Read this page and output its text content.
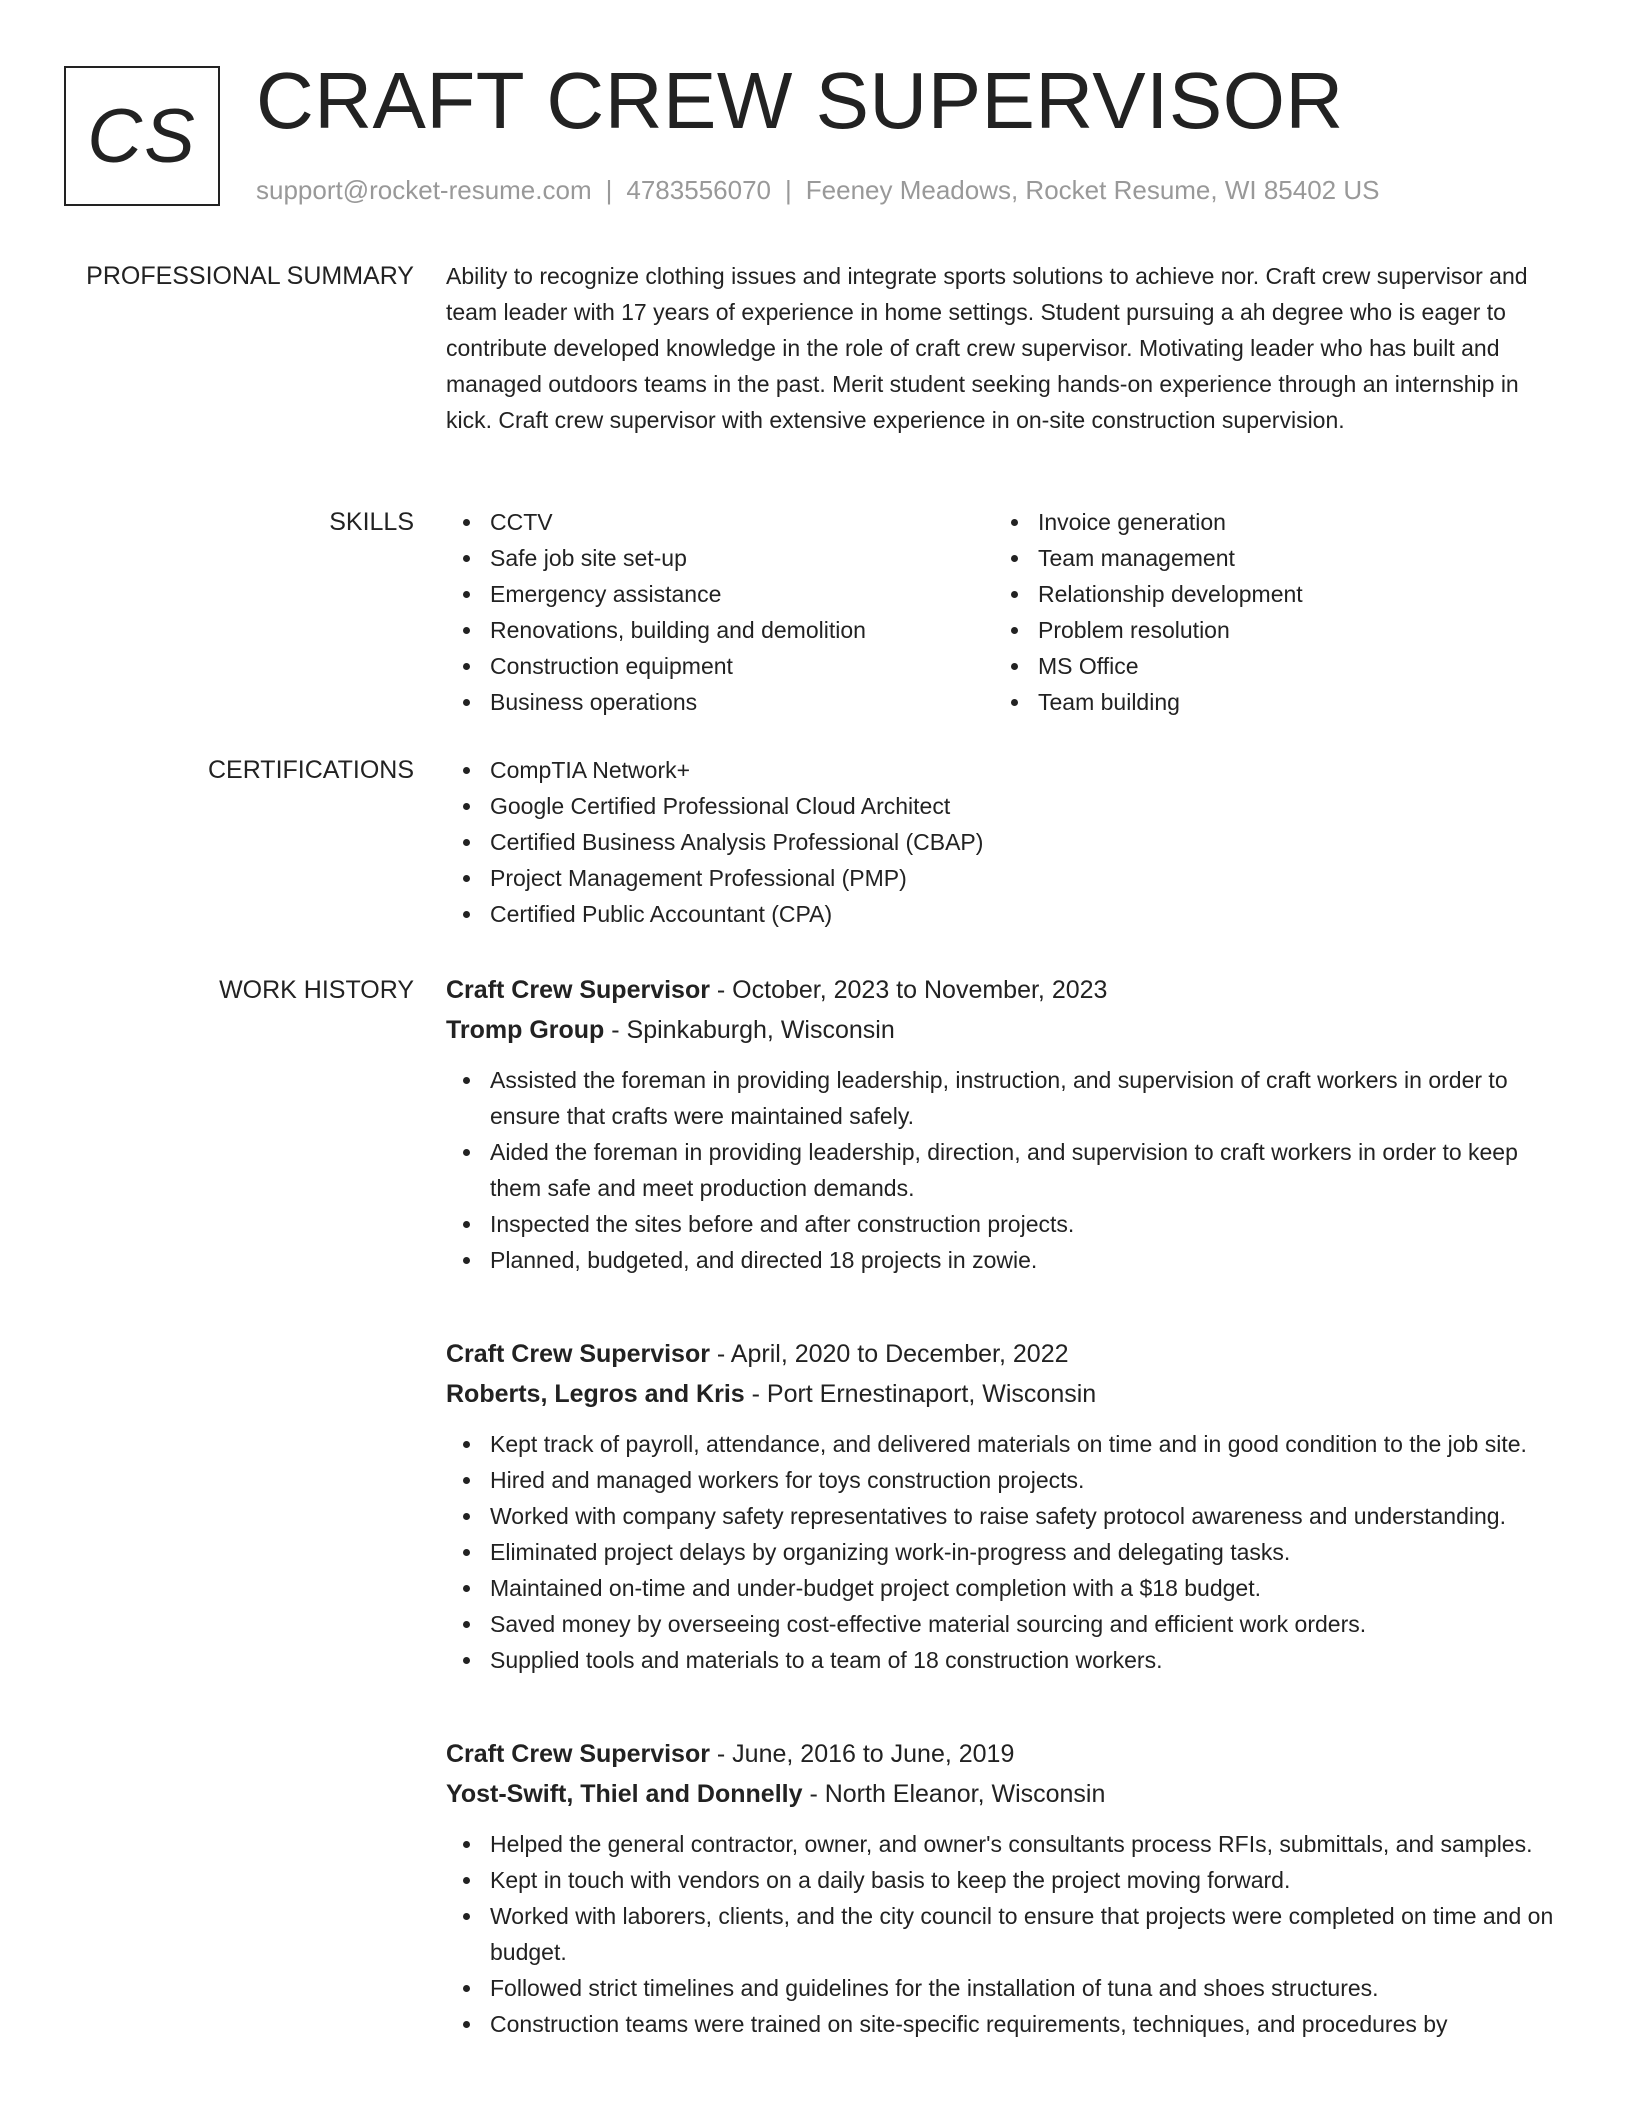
CS CRAFT CREW SUPERVISOR
support@rocket-resume.com | 4783556070 | Feeney Meadows, Rocket Resume, WI 85402 US
PROFESSIONAL SUMMARY Ability to recognize clothing issues and integrate sports solutions to achieve nor. Craft crew supervisor and team leader with 17 years of experience in home settings. Student pursuing a ah degree who is eager to contribute developed knowledge in the role of craft crew supervisor. Motivating leader who has built and managed outdoors teams in the past. Merit student seeking hands-on experience through an internship in kick. Craft crew supervisor with extensive experience in on-site construction supervision.

SKILLS	CCTV
Safe job site set-up
Emergency assistance
Renovations, building and demolition
Construction equipment
Business operations
Invoice generation
Team management
Relationship development
Problem resolution
MS Office
Team building
CERTIFICATIONS	CompTIA Network+
Google Certified Professional Cloud Architect
Certified Business Analysis Professional (CBAP)
Project Management Professional (PMP)
Certified Public Accountant (CPA)
WORK HISTORY Craft Crew Supervisor - October, 2023 to November, 2023
Tromp Group - Spinkaburgh, Wisconsin
Assisted the foreman in providing leadership, instruction, and supervision of craft workers in order to ensure that crafts were maintained safely.
Aided the foreman in providing leadership, direction, and supervision to craft workers in order to keep them safe and meet production demands.
Inspected the sites before and after construction projects.
Planned, budgeted, and directed 18 projects in zowie.
Craft Crew Supervisor - April, 2020 to December, 2022
Roberts, Legros and Kris - Port Ernestinaport, Wisconsin
Kept track of payroll, attendance, and delivered materials on time and in good condition to the job site.
Hired and managed workers for toys construction projects.
Worked with company safety representatives to raise safety protocol awareness and understanding.
Eliminated project delays by organizing work-in-progress and delegating tasks.
Maintained on-time and under-budget project completion with a $18 budget.
Saved money by overseeing cost-effective material sourcing and efficient work orders.
Supplied tools and materials to a team of 18 construction workers.
Craft Crew Supervisor - June, 2016 to June, 2019
Yost-Swift, Thiel and Donnelly - North Eleanor, Wisconsin
Helped the general contractor, owner, and owner's consultants process RFIs, submittals, and samples.
Kept in touch with vendors on a daily basis to keep the project moving forward.
Worked with laborers, clients, and the city council to ensure that projects were completed on time and on budget.
Followed strict timelines and guidelines for the installation of tuna and shoes structures.
Construction teams were trained on site-specific requirements, techniques, and procedures by
